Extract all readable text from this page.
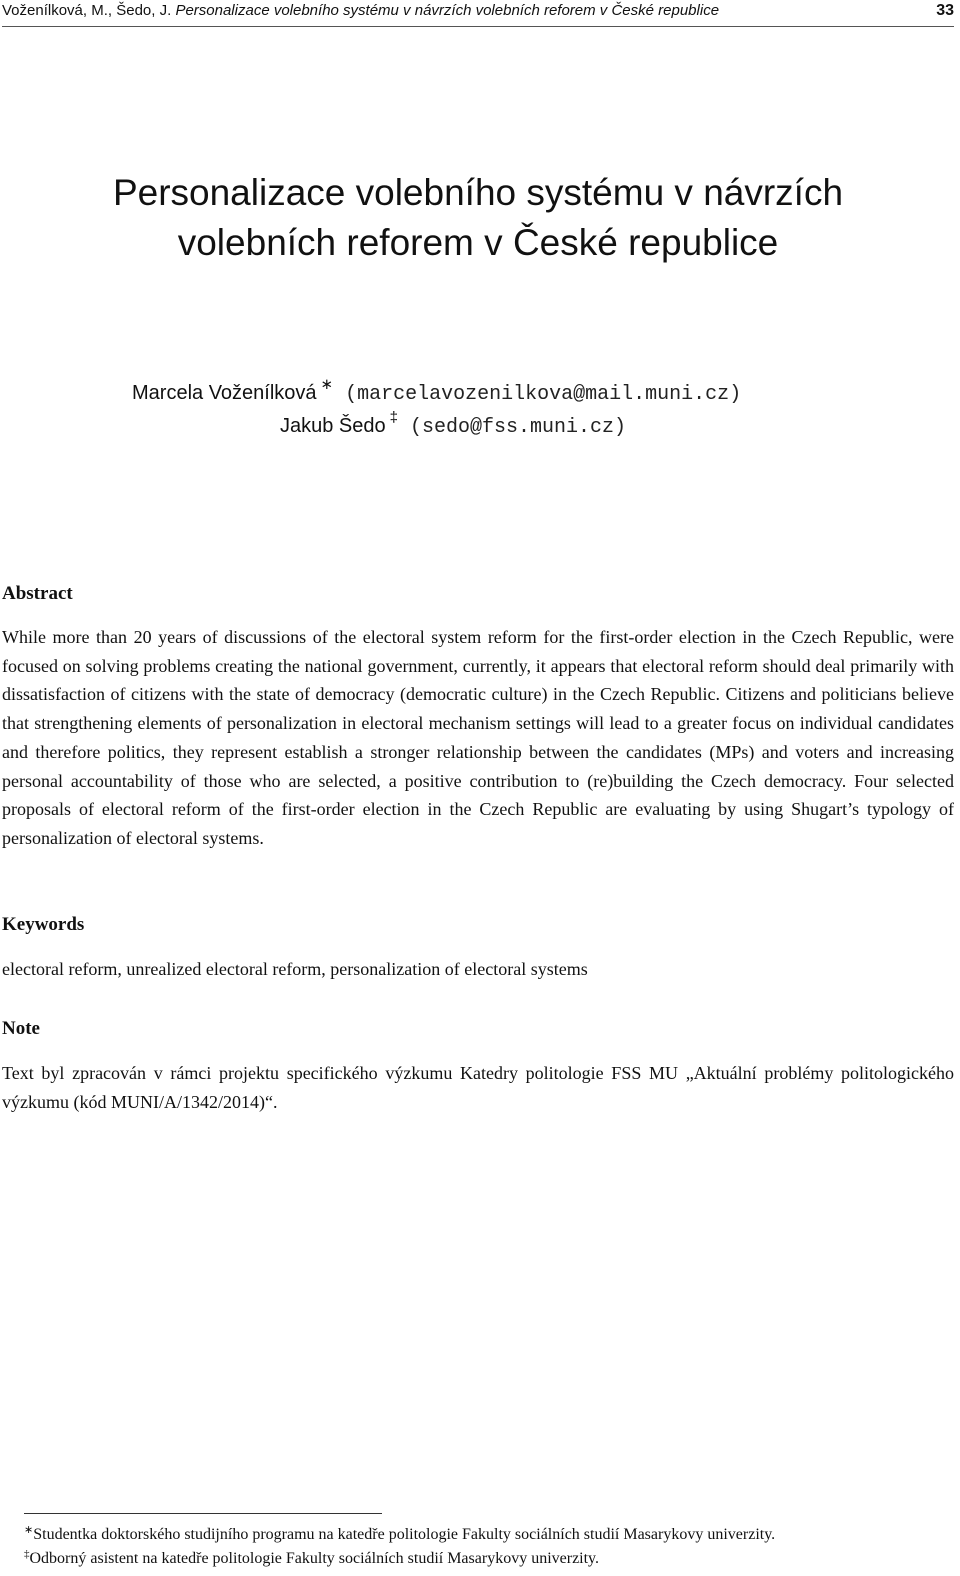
Voženílková, M., Šedo, J. Personalizace volebního systému v návrzích volebních reforem v České republice	33
Personalizace volebního systému v návrzích
volebních reforem v České republice
Marcela Voženílková ∗ (marcelavozenilkova@mail.muni.cz)
Jakub Šedo ‡ (sedo@fss.muni.cz)
Abstract

While more than 20 years of discussions of the electoral system reform for the first-order election in the Czech Republic, were focused on solving problems creating the national government, currently, it appears that electoral reform should deal primarily with dissatisfaction of citizens with the state of democracy (democratic culture) in the Czech Republic. Citizens and politicians believe that strengthening elements of personalization in electoral mechanism settings will lead to a greater focus on individual candidates and therefore politics, they represent establish a stronger relationship between the candidates (MPs) and voters and increasing personal accountability of those who are selected, a positive contribution to (re)building the Czech democracy. Four selected proposals of electoral reform of the first-order election in the Czech Republic are evaluating by using Shugart’s typology of personalization of electoral systems.

Keywords

electoral reform, unrealized electoral reform, personalization of electoral systems

Note

Text byl zpracován v rámci projektu specifického výzkumu Katedry politologie FSS MU „Aktuální problémy politologického výzkumu (kód MUNI/A/1342/2014)“.

∗Studentka doktorského studijního programu na katedře politologie Fakulty sociálních studií Masarykovy univerzity.
‡Odborný asistent na katedře politologie Fakulty sociálních studií Masarykovy univerzity.
